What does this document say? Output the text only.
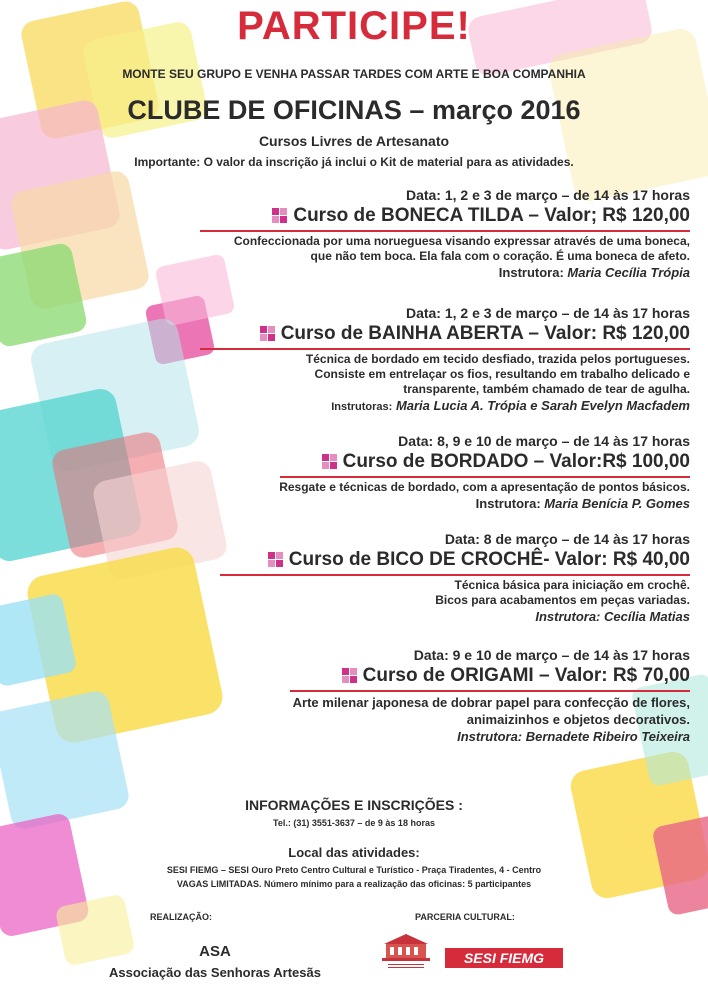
PARTICIPE!
MONTE SEU GRUPO E VENHA PASSAR TARDES COM ARTE E BOA COMPANHIA
CLUBE DE OFICINAS – março 2016
Cursos Livres de Artesanato
Importante: O valor da inscrição já inclui o Kit de material para as atividades.
Data: 1, 2 e 3 de março – de 14 às 17 horas
Curso de BONECA TILDA – Valor; R$ 120,00
Confeccionada por uma norueguesa visando expressar através de uma boneca,
que não tem boca. Ela fala com o coração. É uma boneca de afeto.
Instrutora: Maria Cecília Trópia
Data: 1, 2 e 3 de março – de 14 às 17 horas
Curso de BAINHA ABERTA – Valor: R$ 120,00
Técnica de bordado em tecido desfiado, trazida pelos portugueses.
Consiste em entrelaçar os fios, resultando em trabalho delicado e
transparente, também chamado de tear de agulha.
Instrutoras: Maria Lucia A. Trópia e Sarah Evelyn Macfadem
Data: 8, 9 e 10 de março – de 14 às 17 horas
Curso de BORDADO – Valor:R$ 100,00
Resgate e técnicas de bordado, com a apresentação de pontos básicos.
Instrutora: Maria Benícia P. Gomes
Data: 8 de março – de 14 às 17 horas
Curso de BICO DE CROCHÊ- Valor: R$ 40,00
Técnica básica para iniciação em crochê.
Bicos para acabamentos em peças variadas.
Instrutora: Cecília Matias
Data: 9 e 10 de março – de 14 às 17 horas
Curso de ORIGAMI – Valor: R$ 70,00
Arte milenar japonesa de dobrar papel para confecção de flores,
animaizinhos e objetos decorativos.
Instrutora: Bernadete Ribeiro Teixeira
INFORMAÇÕES E INSCRIÇÕES :
Tel.: (31) 3551-3637 – de 9 às 18 horas
Local das atividades:
SESI FIEMG – SESI Ouro Preto Centro Cultural e Turístico - Praça Tiradentes, 4 - Centro
VAGAS LIMITADAS. Número mínimo para a realização das oficinas: 5 participantes
REALIZAÇÃO:	PARCERIA CULTURAL:
ASA
Associação das Senhoras Artesãs
SESI FIEMG
